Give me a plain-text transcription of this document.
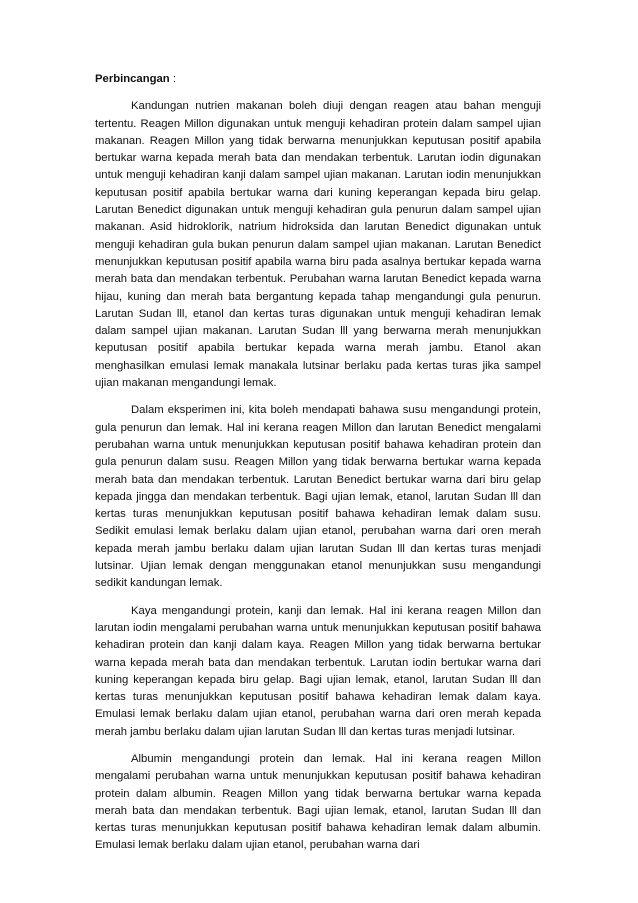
Perbincangan :

Kandungan nutrien makanan boleh diuji dengan reagen atau bahan menguji tertentu. Reagen Millon digunakan untuk menguji kehadiran protein dalam sampel ujian makanan. Reagen Millon yang tidak berwarna menunjukkan keputusan positif apabila bertukar warna kepada merah bata dan mendakan terbentuk. Larutan iodin digunakan untuk menguji kehadiran kanji dalam sampel ujian makanan. Larutan iodin menunjukkan keputusan positif apabila bertukar warna dari kuning keperangan kepada biru gelap. Larutan Benedict digunakan untuk menguji kehadiran gula penurun dalam sampel ujian makanan. Asid hidroklorik, natrium hidroksida dan larutan Benedict digunakan untuk menguji kehadiran gula bukan penurun dalam sampel ujian makanan. Larutan Benedict menunjukkan keputusan positif apabila warna biru pada asalnya bertukar kepada warna merah bata dan mendakan terbentuk. Perubahan warna larutan Benedict kepada warna hijau, kuning dan merah bata bergantung kepada tahap mengandungi gula penurun. Larutan Sudan lll, etanol dan kertas turas digunakan untuk menguji kehadiran lemak dalam sampel ujian makanan. Larutan Sudan lll yang berwarna merah menunjukkan keputusan positif apabila bertukar kepada warna merah jambu. Etanol akan menghasilkan emulasi lemak manakala lutsinar berlaku pada kertas turas jika sampel ujian makanan mengandungi lemak.

Dalam eksperimen ini, kita boleh mendapati bahawa susu mengandungi protein, gula penurun dan lemak. Hal ini kerana reagen Millon dan larutan Benedict mengalami perubahan warna untuk menunjukkan keputusan positif bahawa kehadiran protein dan gula penurun dalam susu. Reagen Millon yang tidak berwarna bertukar warna kepada merah bata dan mendakan terbentuk. Larutan Benedict bertukar warna dari biru gelap kepada jingga dan mendakan terbentuk. Bagi ujian lemak, etanol, larutan Sudan lll dan kertas turas menunjukkan keputusan positif bahawa kehadiran lemak dalam susu. Sedikit emulasi lemak berlaku dalam ujian etanol, perubahan warna dari oren merah kepada merah jambu berlaku dalam ujian larutan Sudan lll dan kertas turas menjadi lutsinar. Ujian lemak dengan menggunakan etanol menunjukkan susu mengandungi sedikit kandungan lemak.

Kaya mengandungi protein, kanji dan lemak. Hal ini kerana reagen Millon dan larutan iodin mengalami perubahan warna untuk menunjukkan keputusan positif bahawa kehadiran protein dan kanji dalam kaya. Reagen Millon yang tidak berwarna bertukar warna kepada merah bata dan mendakan terbentuk. Larutan iodin bertukar warna dari kuning keperangan kepada biru gelap. Bagi ujian lemak, etanol, larutan Sudan lll dan kertas turas menunjukkan keputusan positif bahawa kehadiran lemak dalam kaya. Emulasi lemak berlaku dalam ujian etanol, perubahan warna dari oren merah kepada merah jambu berlaku dalam ujian larutan Sudan lll dan kertas turas menjadi lutsinar.

Albumin mengandungi protein dan lemak. Hal ini kerana reagen Millon mengalami perubahan warna untuk menunjukkan keputusan positif bahawa kehadiran protein dalam albumin. Reagen Millon yang tidak berwarna bertukar warna kepada merah bata dan mendakan terbentuk. Bagi ujian lemak, etanol, larutan Sudan lll dan kertas turas menunjukkan keputusan positif bahawa kehadiran lemak dalam albumin. Emulasi lemak berlaku dalam ujian etanol, perubahan warna dari
